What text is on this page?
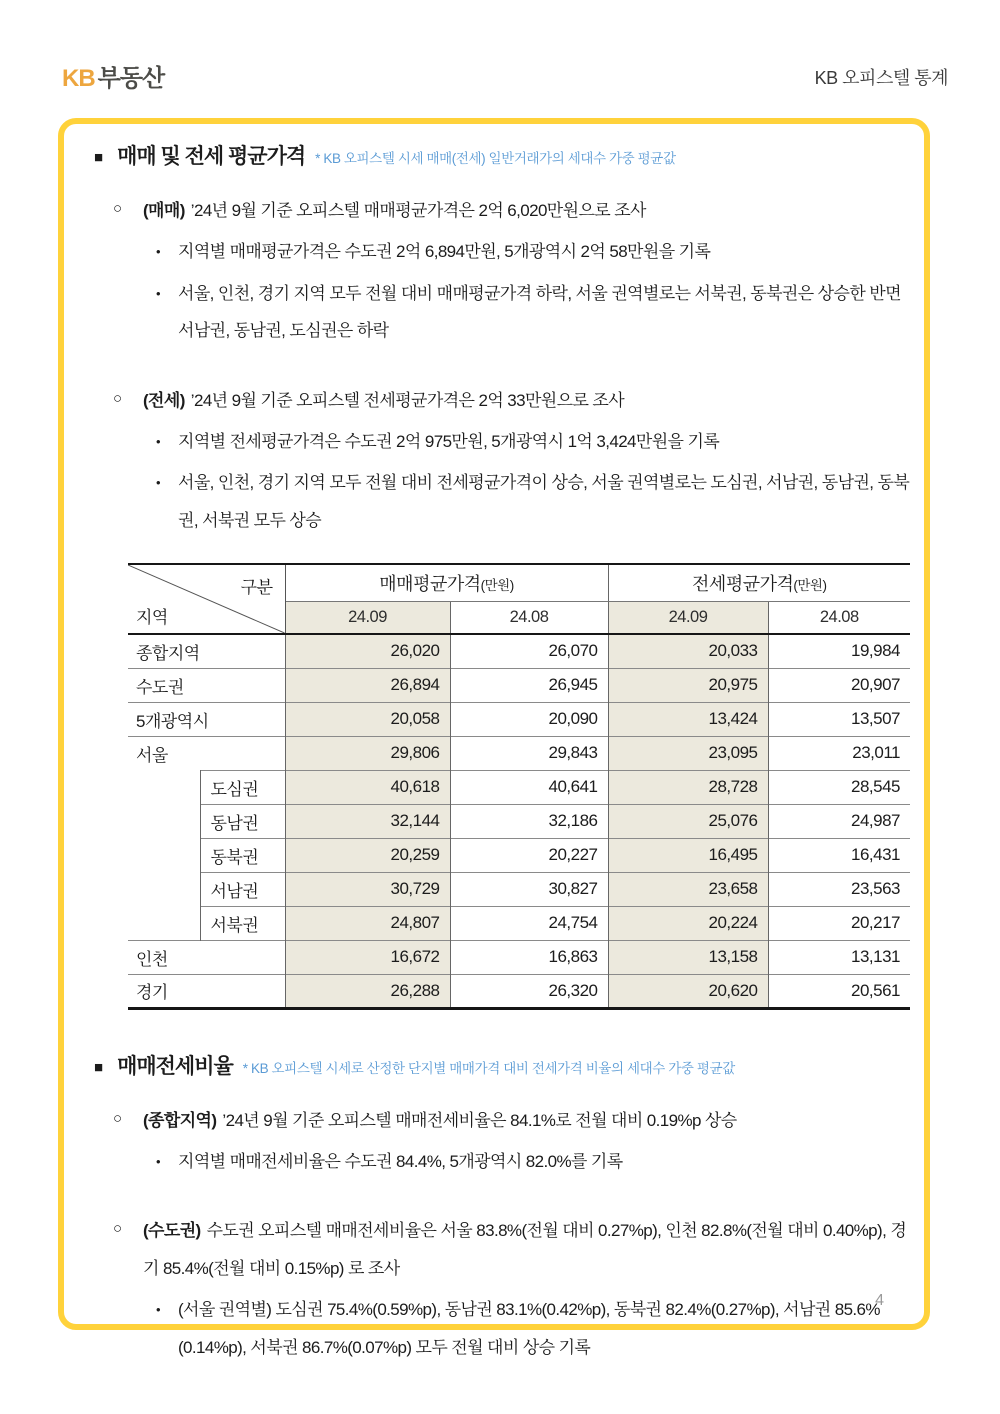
KB 부동산	KB 오피스텔 통계
■ 매매 및 전세 평균가격 * KB 오피스텔 시세 매매(전세) 일반거래가의 세대수 가중 평균값
○	(매매) ’24년 9월 기준 오피스텔 매매평균가격은 2억 6,020만원으로 조사
•	지역별 매매평균가격은 수도권 2억 6,894만원, 5개광역시 2억 58만원을 기록
•	서울, 인천, 경기 지역 모두 전월 대비 매매평균가격 하락, 서울 권역별로는 서북권, 동북권은 상승한 반면 서남권, 동남권, 도심권은 하락
○	(전세) ’24년 9월 기준 오피스텔 전세평균가격은 2억 33만원으로 조사
•	지역별 전세평균가격은 수도권 2억 975만원, 5개광역시 1억 3,424만원을 기록
•	서울, 인천, 경기 지역 모두 전월 대비 전세평균가격이 상승, 서울 권역별로는 도심권, 서남권, 동남권, 동북권, 서북권 모두 상승
구분
지역		매매평균가격(만원)		전세평균가격(만원)	
		24.09	24.08	24.09	24.08
종합지역		26,020	26,070	20,033	19,984
수도권		26,894	26,945	20,975	20,907
5개광역시		20,058	20,090	13,424	13,507
서울		29,806	29,843	23,095	23,011
	도심권	40,618	40,641	28,728	28,545
	동남권	32,144	32,186	25,076	24,987
	동북권	20,259	20,227	16,495	16,431
	서남권	30,729	30,827	23,658	23,563
	서북권	24,807	24,754	20,224	20,217
인천		16,672	16,863	13,158	13,131
경기		26,288	26,320	20,620	20,561
■ 매매전세비율 * KB 오피스텔 시세로 산정한 단지별 매매가격 대비 전세가격 비율의 세대수 가중 평균값
○	(종합지역) ’24년 9월 기준 오피스텔 매매전세비율은 84.1%로 전월 대비 0.19%p 상승
•	지역별 매매전세비율은 수도권 84.4%, 5개광역시 82.0%를 기록
○	(수도권) 수도권 오피스텔 매매전세비율은 서울 83.8%(전월 대비 0.27%p), 인천 82.8%(전월 대비 0.40%p), 경기 85.4%(전월 대비 0.15%p) 로 조사
•	(서울 권역별) 도심권 75.4%(0.59%p), 동남권 83.1%(0.42%p), 동북권 82.4%(0.27%p), 서남권 85.6%(0.14%p), 서북권 86.7%(0.07%p) 모두 전월 대비 상승 기록
4
